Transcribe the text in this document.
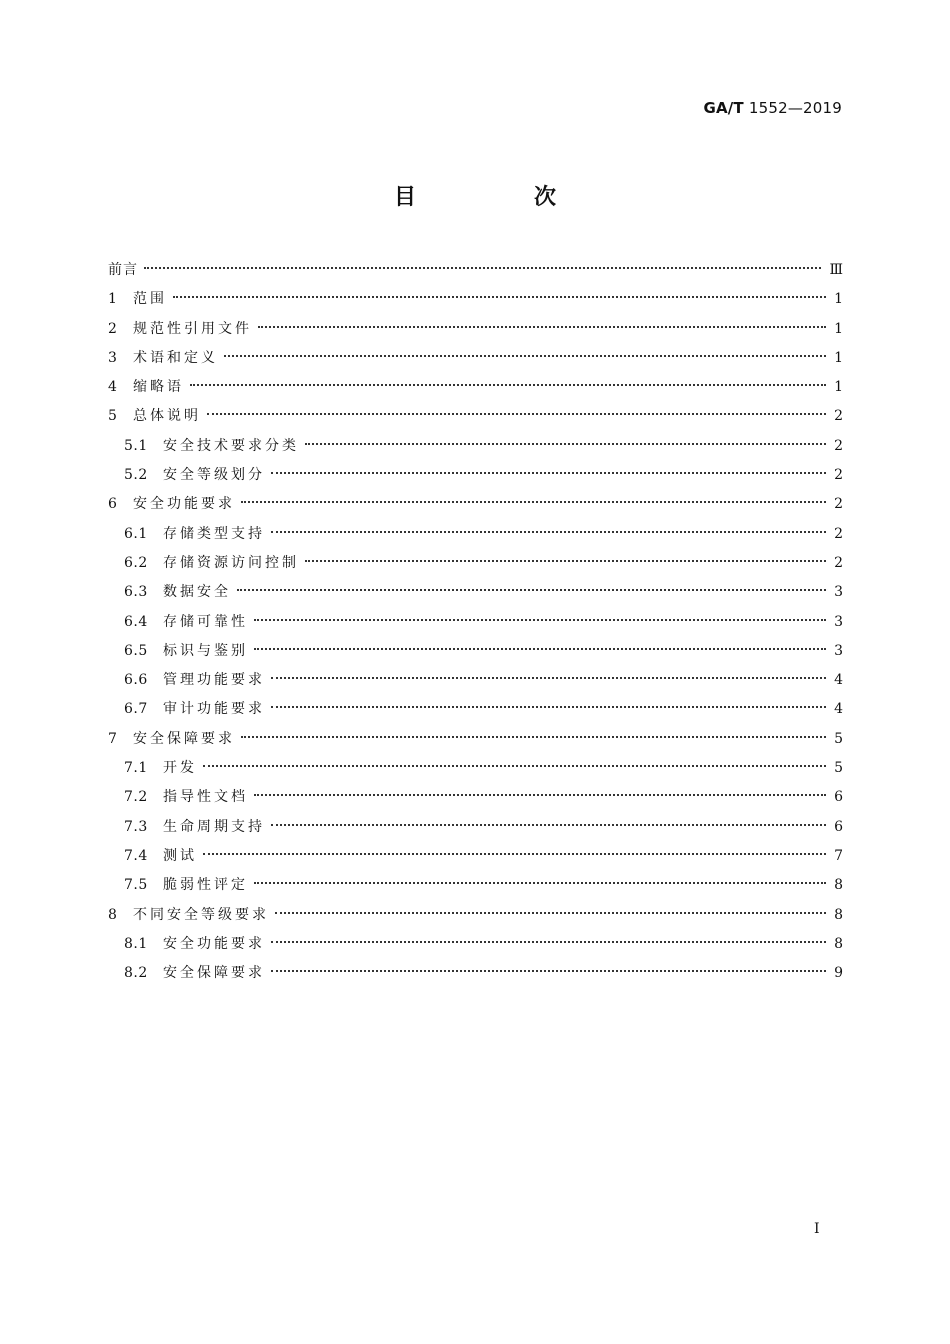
GA/T 1552—2019
目　次
前言	Ⅲ
1	范围	1
2	规范性引用文件	1
3	术语和定义	1
4	缩略语	1
5	总体说明	2
5.1	安全技术要求分类	2
5.2	安全等级划分	2
6	安全功能要求	2
6.1	存储类型支持	2
6.2	存储资源访问控制	2
6.3	数据安全	3
6.4	存储可靠性	3
6.5	标识与鉴别	3
6.6	管理功能要求	4
6.7	审计功能要求	4
7	安全保障要求	5
7.1	开发	5
7.2	指导性文档	6
7.3	生命周期支持	6
7.4	测试	7
7.5	脆弱性评定	8
8	不同安全等级要求	8
8.1	安全功能要求	8
8.2	安全保障要求	9
I
